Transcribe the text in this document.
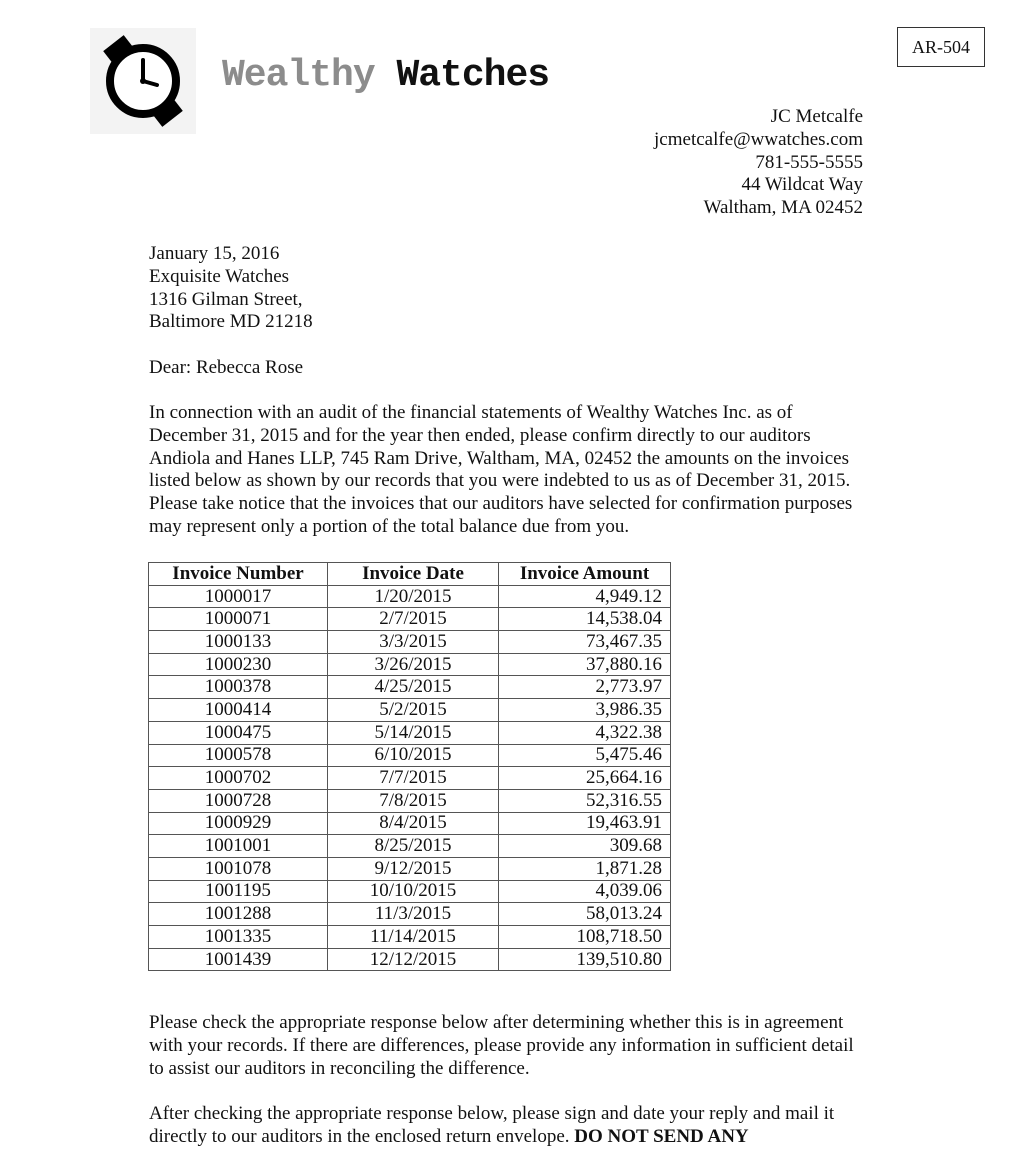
AR-504
Wealthy Watches
JC Metcalfe
jcmetcalfe@wwatches.com
781-555-5555
44 Wildcat Way
Waltham, MA 02452
January 15, 2016
Exquisite Watches
1316 Gilman Street,
Baltimore MD 21218
Dear: Rebecca Rose
In connection with an audit of the financial statements of Wealthy Watches Inc. as of December 31, 2015 and for the year then ended, please confirm directly to our auditors Andiola and Hanes LLP, 745 Ram Drive, Waltham, MA, 02452 the amounts on the invoices listed below as shown by our records that you were indebted to us as of December 31, 2015. Please take notice that the invoices that our auditors have selected for confirmation purposes may represent only a portion of the total balance due from you.
Invoice Number	Invoice Date	Invoice Amount
1000017	1/20/2015	4,949.12
1000071	2/7/2015	14,538.04
1000133	3/3/2015	73,467.35
1000230	3/26/2015	37,880.16
1000378	4/25/2015	2,773.97
1000414	5/2/2015	3,986.35
1000475	5/14/2015	4,322.38
1000578	6/10/2015	5,475.46
1000702	7/7/2015	25,664.16
1000728	7/8/2015	52,316.55
1000929	8/4/2015	19,463.91
1001001	8/25/2015	309.68
1001078	9/12/2015	1,871.28
1001195	10/10/2015	4,039.06
1001288	11/3/2015	58,013.24
1001335	11/14/2015	108,718.50
1001439	12/12/2015	139,510.80
Please check the appropriate response below after determining whether this is in agreement with your records. If there are differences, please provide any information in sufficient detail to assist our auditors in reconciling the difference.
After checking the appropriate response below, please sign and date your reply and mail it directly to our auditors in the enclosed return envelope. DO NOT SEND ANY
